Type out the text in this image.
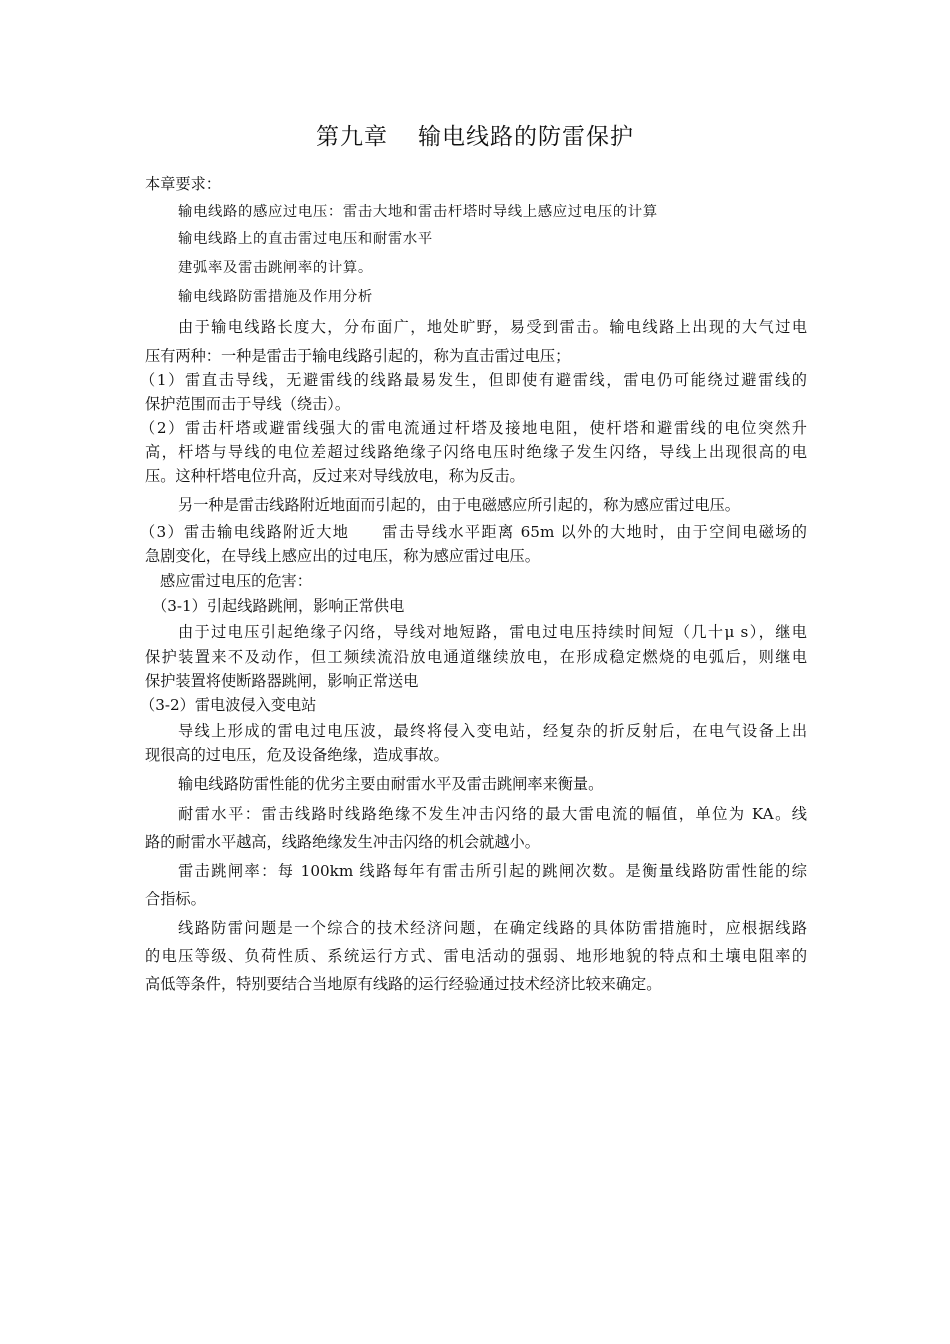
第九章 输电线路的防雷保护
本章要求：
输电线路的感应过电压：雷击大地和雷击杆塔时导线上感应过电压的计算
输电线路上的直击雷过电压和耐雷水平
建弧率及雷击跳闸率的计算。
输电线路防雷措施及作用分析
由于输电线路长度大，分布面广，地处旷野，易受到雷击。输电线路上出现的大气过电
压有两种：一种是雷击于输电线路引起的，称为直击雷过电压；
（1）雷直击导线，无避雷线的线路最易发生，但即使有避雷线，雷电仍可能绕过避雷线的
保护范围而击于导线（绕击）。
（2）雷击杆塔或避雷线强大的雷电流通过杆塔及接地电阻，使杆塔和避雷线的电位突然升
高，杆塔与导线的电位差超过线路绝缘子闪络电压时绝缘子发生闪络，导线上出现很高的电
压。这种杆塔电位升高，反过来对导线放电，称为反击。
另一种是雷击线路附近地面而引起的，由于电磁感应所引起的，称为感应雷过电压。
（3）雷击输电线路附近大地　　雷击导线水平距离 65m 以外的大地时，由于空间电磁场的
急剧变化，在导线上感应出的过电压，称为感应雷过电压。
感应雷过电压的危害：
（3-1）引起线路跳闸，影响正常供电
由于过电压引起绝缘子闪络，导线对地短路，雷电过电压持续时间短（几十μ s），继电
保护装置来不及动作，但工频续流沿放电通道继续放电，在形成稳定燃烧的电弧后，则继电
保护装置将使断路器跳闸，影响正常送电
（3-2）雷电波侵入变电站
导线上形成的雷电过电压波，最终将侵入变电站，经复杂的折反射后，在电气设备上出
现很高的过电压，危及设备绝缘，造成事故。
输电线路防雷性能的优劣主要由耐雷水平及雷击跳闸率来衡量。
耐雷水平：雷击线路时线路绝缘不发生冲击闪络的最大雷电流的幅值，单位为 KA。线
路的耐雷水平越高，线路绝缘发生冲击闪络的机会就越小。
雷击跳闸率：每 100km 线路每年有雷击所引起的跳闸次数。是衡量线路防雷性能的综
合指标。
线路防雷问题是一个综合的技术经济问题，在确定线路的具体防雷措施时，应根据线路
的电压等级、负荷性质、系统运行方式、雷电活动的强弱、地形地貌的特点和土壤电阻率的
高低等条件，特别要结合当地原有线路的运行经验通过技术经济比较来确定。
